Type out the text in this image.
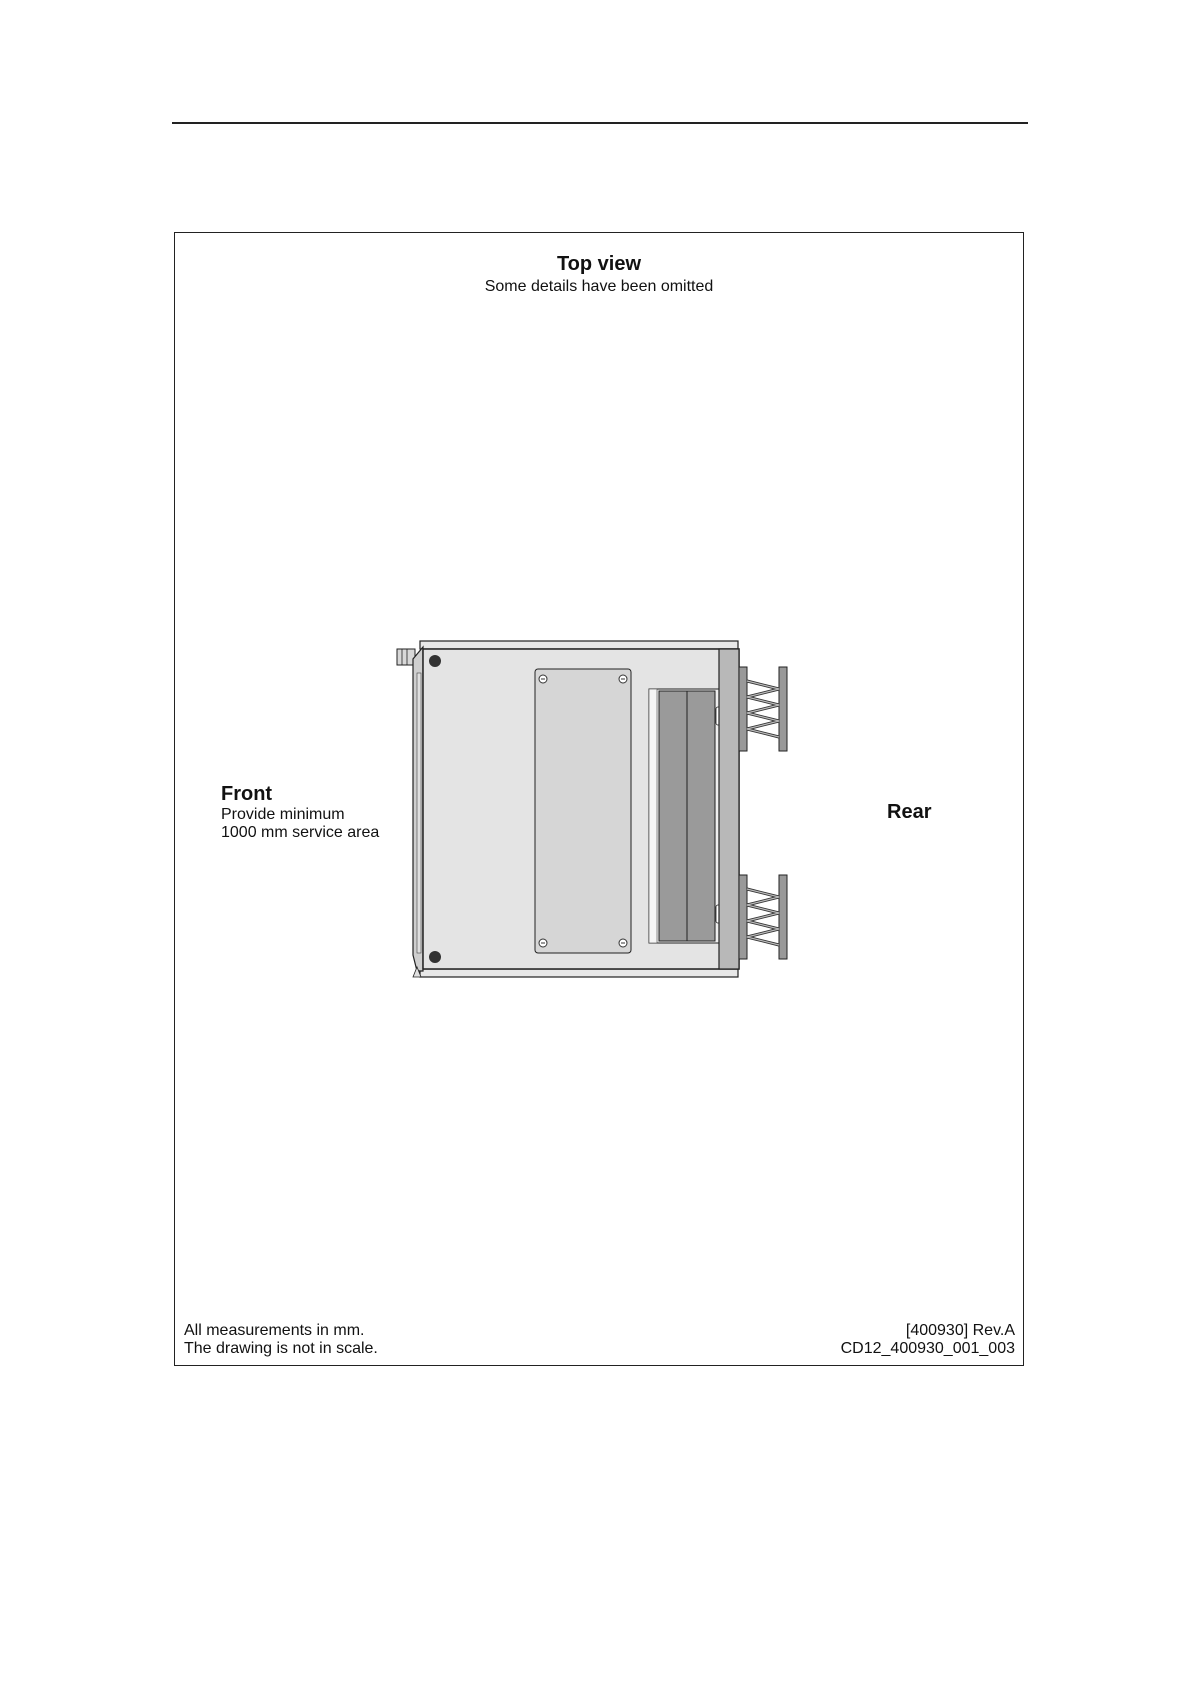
Top view
Some details have been omitted
Front
Provide minimum
1000 mm service area
Rear
All measurements in mm.
The drawing is not in scale.
[400930] Rev.A
CD12_400930_001_003
